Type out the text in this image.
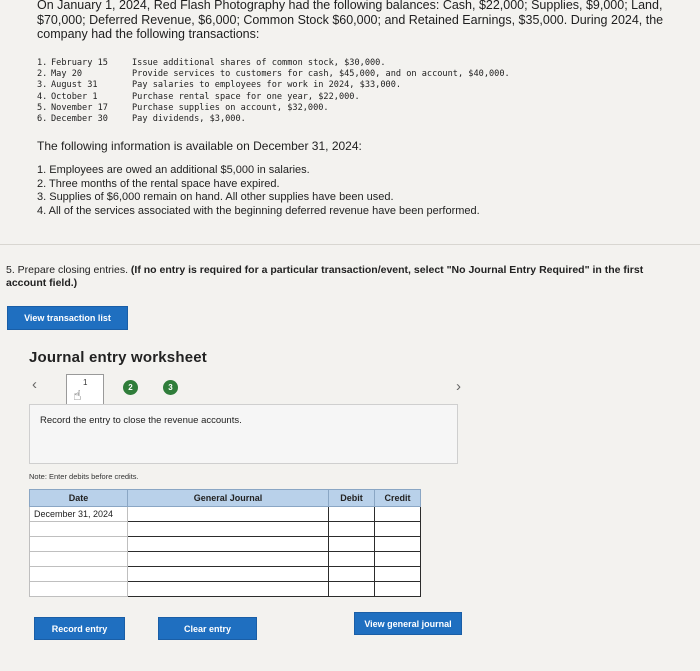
On January 1, 2024, Red Flash Photography had the following balances: Cash, $22,000; Supplies, $9,000; Land, $70,000; Deferred Revenue, $6,000; Common Stock $60,000; and Retained Earnings, $35,000. During 2024, the company had the following transactions:
1. February 15	Issue additional shares of common stock, $30,000.
2. May 20	Provide services to customers for cash, $45,000, and on account, $40,000.
3. August 31	Pay salaries to employees for work in 2024, $33,000.
4. October 1	Purchase rental space for one year, $22,000.
5. November 17	Purchase supplies on account, $32,000.
6. December 30	Pay dividends, $3,000.
The following information is available on December 31, 2024:
1. Employees are owed an additional $5,000 in salaries.
2. Three months of the rental space have expired.
3. Supplies of $6,000 remain on hand. All other supplies have been used.
4. All of the services associated with the beginning deferred revenue have been performed.
5. Prepare closing entries. (If no entry is required for a particular transaction/event, select "No Journal Entry Required" in the first account field.)
View transaction list
Journal entry worksheet
‹	1
☝	2	3	›
Record the entry to close the revenue accounts.
Note: Enter debits before credits.
Date	General Journal	Debit	Credit
December 31, 2024			

Record entry	Clear entry	View general journal
